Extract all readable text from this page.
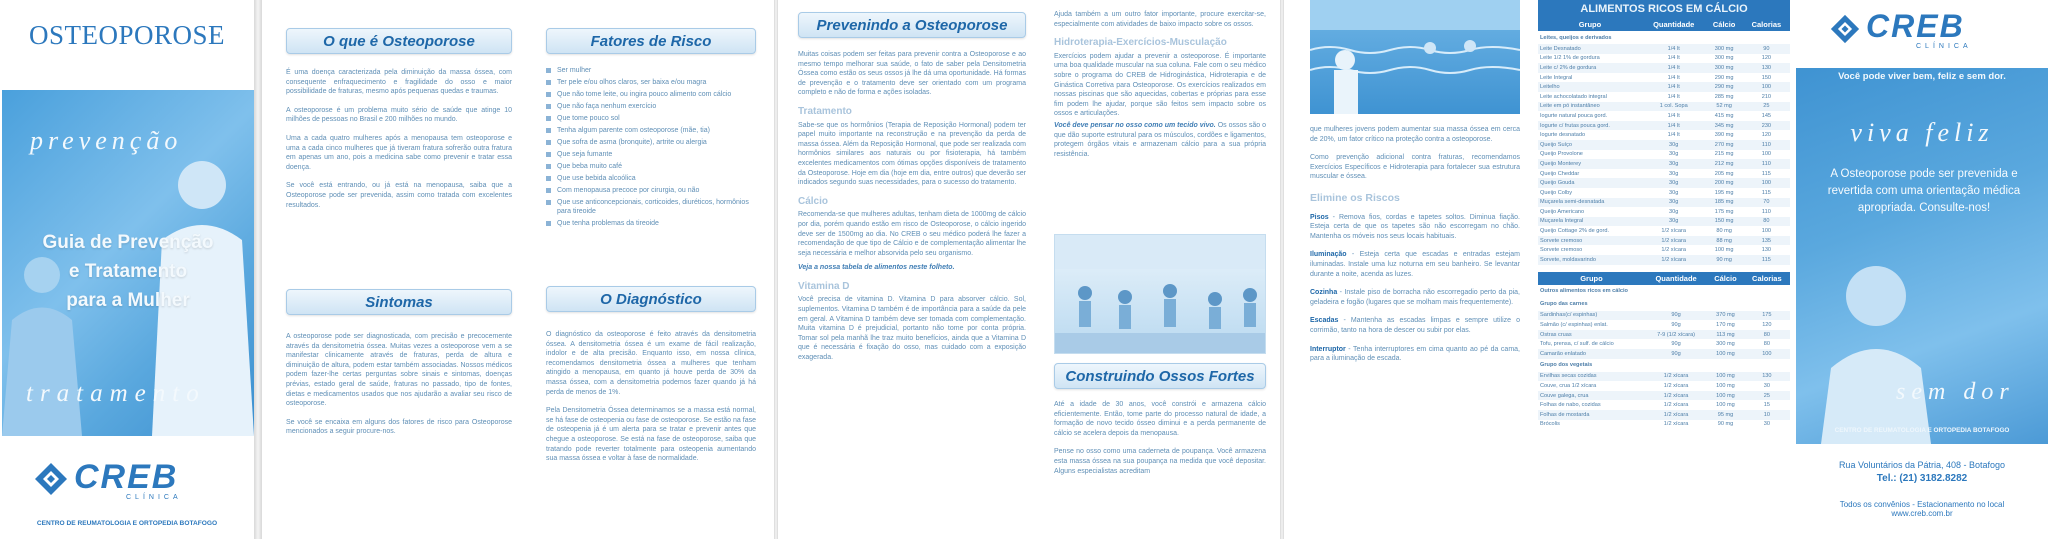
OSTEOPOROSE
prevenção
Guia de Prevenção
e Tratamento
para a Mulher
tratamento
CREB
CLÍNICA
CENTRO DE REUMATOLOGIA E ORTOPEDIA BOTAFOGO
O que é Osteoporose

É uma doença caracterizada pela diminuição da massa óssea, com consequente enfraquecimento e fragilidade do osso e maior possibilidade de fraturas, mesmo após pequenas quedas e traumas.

A osteoporose é um problema muito sério de saúde que atinge 10 milhões de pessoas no Brasil e 200 milhões no mundo.

Uma a cada quatro mulheres após a menopausa tem osteoporose e uma a cada cinco mulheres que já tiveram fratura sofrerão outra fratura em apenas um ano, pois a medicina sabe como prevenir e tratar essa doença.

Se você está entrando, ou já está na menopausa, saiba que a Osteoporose pode ser prevenida, assim como tratada com excelentes resultados.

Sintomas

A osteoporose pode ser diagnosticada, com precisão e precocemente através da densitometria óssea. Muitas vezes a osteoporose vem a se manifestar clinicamente através de fraturas, perda de altura e diminuição de altura, podem estar também associadas. Nossos médicos podem fazer-lhe certas perguntas sobre sinais e sintomas, doenças prévias, estado geral de saúde, fraturas no passado, tipo de fontes, dietas e medicamentos usados que nos ajudarão a avaliar seu risco de osteoporose.

Se você se encaixa em alguns dos fatores de risco para Osteoporose mencionados a seguir procure-nos.

Fatores de Risco
Ser mulher
Ter pele e/ou olhos claros, ser baixa e/ou magra
Que não tome leite, ou ingira pouco alimento com cálcio
Que não faça nenhum exercício
Que tome pouco sol
Tenha algum parente com osteoporose (mãe, tia)
Que sofra de asma (bronquite), artrite ou alergia
Que seja fumante
Que beba muito café
Que use bebida alcoólica
Com menopausa precoce por cirurgia, ou não
Que use anticoncepcionais, corticoides, diuréticos, hormônios para tireoide
Que tenha problemas da tireoide
O Diagnóstico

O diagnóstico da osteoporose é feito através da densitometria óssea. A densitometria óssea é um exame de fácil realização, indolor e de alta precisão. Enquanto isso, em nossa clínica, recomendamos densitometria óssea a mulheres que tenham atingido a menopausa, em quanto já houve perda de 30% da massa óssea, com a densitometria podemos fazer quando já há perda de menos de 1%.

Pela Densitometria Óssea determinamos se a massa está normal, se há fase de osteopenia ou fase de osteoporose. Se estão na fase de osteopenia já é um alerta para se tratar e prevenir antes que chegue a osteoporose. Se está na fase de osteoporose, saiba que tratando pode reverter totalmente para osteopenia aumentando sua massa óssea e voltar à fase de normalidade.

Prevenindo a Osteoporose

Muitas coisas podem ser feitas para prevenir contra a Osteoporose e ao mesmo tempo melhorar sua saúde, o fato de saber pela Densitometria Óssea como estão os seus ossos já lhe dá uma oportunidade. Há formas de prevenção e o tratamento deve ser orientado com um programa completo e não de forma e ações isoladas.

Tratamento

Sabe-se que os hormônios (Terapia de Reposição Hormonal) podem ter papel muito importante na reconstrução e na prevenção da perda de massa óssea. Além da Reposição Hormonal, que pode ser realizada com hormônios similares aos naturais ou por fisioterapia, há também excelentes medicamentos com ótimas opções disponíveis de tratamento da Osteoporose. Hoje em dia (hoje em dia, entre outros) que deverão ser indicados segundo suas necessidades, para o sucesso do tratamento.

Cálcio

Recomenda-se que mulheres adultas, tenham dieta de 1000mg de cálcio por dia, porém quando estão em risco de Osteoporose, o cálcio ingerido deve ser de 1500mg ao dia. No CREB o seu médico poderá lhe fazer a recomendação de que tipo de Cálcio e de complementação alimentar lhe seja necessária e melhor absorvida pelo seu organismo.

Veja a nossa tabela de alimentos neste folheto.

Vitamina D

Você precisa de vitamina D. Vitamina D para absorver cálcio. Sol, suplementos. Vitamina D também é de importância para a saúde da pele em geral. A Vitamina D também deve ser tomada com complementação. Muita vitamina D é prejudicial, portanto não tome por conta própria. Tomar sol pela manhã lhe traz muito benefícios, ainda que a Vitamina D que é necessária é fixação do osso, mas cuidado com a exposição exagerada.

Ajuda também a um outro fator importante, procure exercitar-se, especialmente com atividades de baixo impacto sobre os ossos.

Hidroterapia-Exercícios-Musculação

Exercícios podem ajudar a prevenir a osteoporose. É importante uma boa qualidade muscular na sua coluna. Fale com o seu médico sobre o programa do CREB de Hidroginástica, Hidroterapia e de Ginástica Corretiva para Osteoporose. Os exercícios realizados em nossas piscinas que são aquecidas, cobertas e próprias para esse fim podem lhe ajudar, porque são feitos sem impacto sobre os ossos e articulações.

Você deve pensar no osso como um tecido vivo. Os ossos são o que dão suporte estrutural para os músculos, cordões e ligamentos, protegem órgãos vitais e armazenam cálcio para a sua própria resistência.

Construindo Ossos Fortes

Até a idade de 30 anos, você constrói e armazena cálcio eficientemente. Então, tome parte do processo natural de idade, a formação de novo tecido ósseo diminui e a perda permanente de cálcio se acelera depois da menopausa.

Pense no osso como uma caderneta de poupança. Você armazena esta massa óssea na sua poupança na medida que você depositar. Alguns especialistas acreditam

que mulheres jovens podem aumentar sua massa óssea em cerca de 20%, um fator crítico na proteção contra a osteoporose.

Como prevenção adicional contra fraturas, recomendamos Exercícios Específicos e Hidroterapia para fortalecer sua estrutura muscular e óssea.

Elimine os Riscos

Pisos - Remova fios, cordas e tapetes soltos. Diminua fiação. Esteja certa de que os tapetes são não escorregam no chão. Mantenha os móveis nos seus locais habituais.

Iluminação - Esteja certa que escadas e entradas estejam iluminadas. Instale uma luz noturna em seu banheiro. Se levantar durante a noite, acenda as luzes.

Cozinha - Instale piso de borracha não escorregadio perto da pia, geladeira e fogão (lugares que se molham mais frequentemente).

Escadas - Mantenha as escadas limpas e sempre utilize o corrimão, tanto na hora de descer ou subir por elas.

Interruptor - Tenha interruptores em cima quanto ao pé da cama, para a iluminação de escada.

ALIMENTOS RICOS EM CÁLCIO
Grupo	Quantidade	Cálcio	Calorias
Leites, queijos e derivados			
Leite Desnatado	1/4 lt	300 mg	90
Leite 1/2 1% de gordura	1/4 lt	300 mg	120
Leite c/ 2% de gordura	1/4 lt	300 mg	130
Leite Integral	1/4 lt	290 mg	150
Leitelho	1/4 lt	290 mg	100
Leite achocolatado integral	1/4 lt	285 mg	210
Leite em pó instantâneo	1 col. Sopa	52 mg	25
Iogurte natural pouca gord.	1/4 lt	415 mg	145
Iogurte c/ frutas pouca gord.	1/4 lt	345 mg	230
Iogurte desnatado	1/4 lt	390 mg	120
Queijo Suíço	30g	270 mg	110
Queijo Provolone	30g	215 mg	100
Queijo Monterey	30g	212 mg	110
Queijo Cheddar	30g	205 mg	115
Queijo Gouda	30g	200 mg	100
Queijo Colby	30g	195 mg	115
Muçarela semi-desnatada	30g	185 mg	70
Queijo Americano	30g	175 mg	110
Muçarela Integral	30g	150 mg	80
Queijo Cottage 2% de gord.	1/2 xícara	80 mg	100
Sorvete cremoso	1/2 xícara	88 mg	135
Sorvete cremoso	1/2 xícara	100 mg	130
Sorvete, moldavarindo	1/2 xícara	90 mg	115
Grupo	Quantidade	Cálcio	Calorias
Outros alimentos ricos em cálcio			
Grupo das carnes			
Sardinhas(c/ espinhas)	90g	370 mg	175
Salmão (c/ espinhas) enlat.	90g	170 mg	120
Ostras cruas	7-9 (1/2 xícara)	113 mg	80
Tofu, prensa, c/ sulf. de cálcio	90g	300 mg	80
Camarão enlatado	90g	100 mg	100
Grupo dos vegetais			
Ervilhas secas cozidas	1/2 xícara	100 mg	130
Couve, crua 1/2 xícara	1/2 xícara	100 mg	30
Couve galega, crua	1/2 xícara	100 mg	25
Folhas de nabo, cozidas	1/2 xícara	100 mg	15
Folhas de mostarda	1/2 xícara	95 mg	10
Brócolis	1/2 xícara	90 mg	30
CREB
CLÍNICA
Você pode viver bem, feliz e sem dor.
viva feliz
A Osteoporose pode ser prevenida e revertida com uma orientação médica apropriada. Consulte-nos!
sem dor
CENTRO DE REUMATOLOGIA E ORTOPEDIA BOTAFOGO
Rua Voluntários da Pátria, 408 - Botafogo
Tel.: (21) 3182.8282
Todos os convênios - Estacionamento no local
www.creb.com.br
